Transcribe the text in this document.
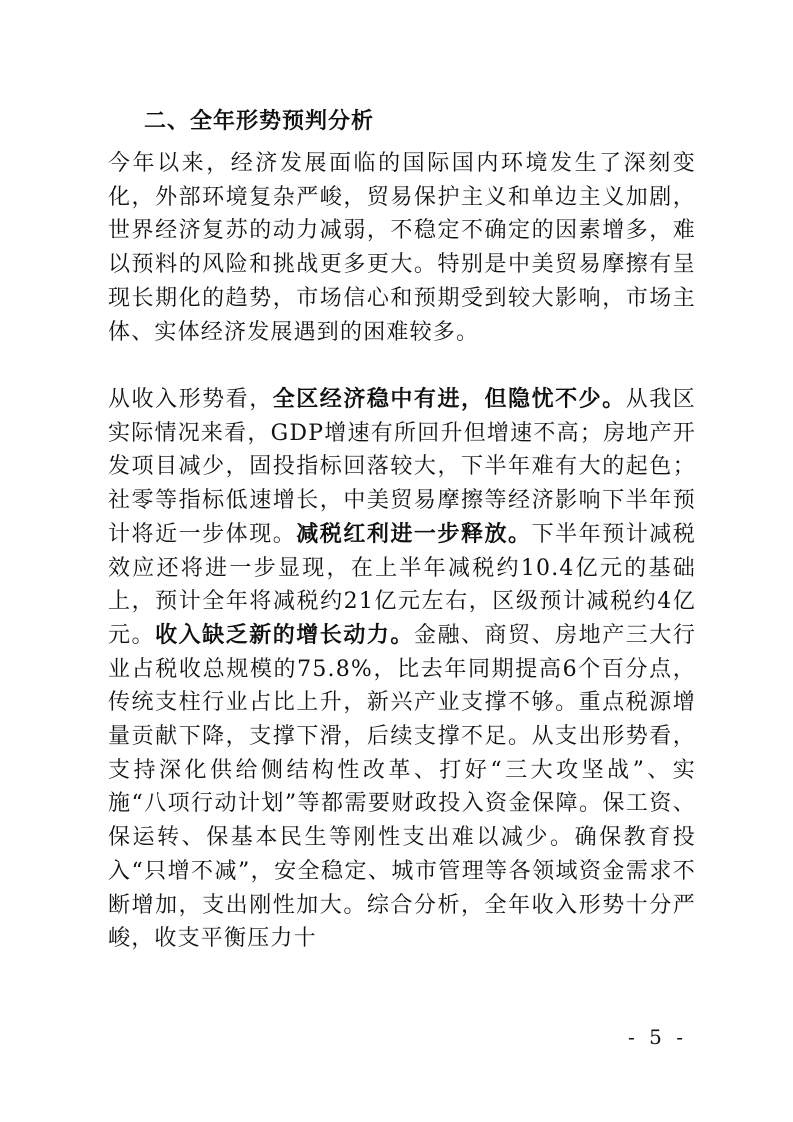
二、全年形势预判分析
今年以来，经济发展面临的国际国内环境发生了深刻变化，外部环境复杂严峻，贸易保护主义和单边主义加剧，世界经济复苏的动力减弱，不稳定不确定的因素增多，难以预料的风险和挑战更多更大。特别是中美贸易摩擦有呈现长期化的趋势，市场信心和预期受到较大影响，市场主体、实体经济发展遇到的困难较多。
从收入形势看，全区经济稳中有进，但隐忧不少。从我区实际情况来看，GDP增速有所回升但增速不高；房地产开发项目减少，固投指标回落较大，下半年难有大的起色；社零等指标低速增长，中美贸易摩擦等经济影响下半年预计将近一步体现。减税红利进一步释放。下半年预计减税效应还将进一步显现，在上半年减税约10.4亿元的基础上，预计全年将减税约21亿元左右，区级预计减税约4亿元。收入缺乏新的增长动力。金融、商贸、房地产三大行业占税收总规模的75.8%，比去年同期提高6个百分点，传统支柱行业占比上升，新兴产业支撑不够。重点税源增量贡献下降，支撑下滑，后续支撑不足。从支出形势看，支持深化供给侧结构性改革、打好“三大攻坚战”、实施“八项行动计划”等都需要财政投入资金保障。保工资、保运转、保基本民生等刚性支出难以减少。确保教育投入“只增不减”，安全稳定、城市管理等各领域资金需求不断增加，支出刚性加大。综合分析，全年收入形势十分严峻，收支平衡压力十
- 5 -
